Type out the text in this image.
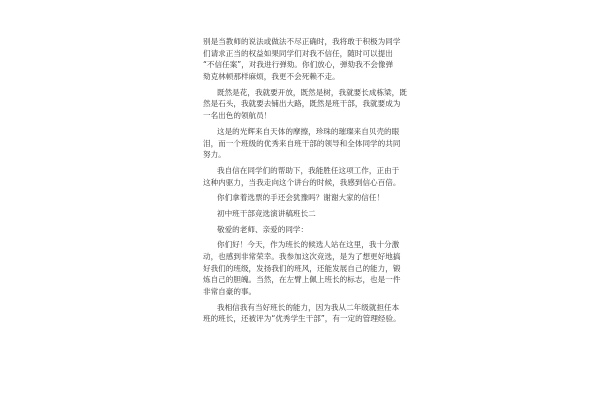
别是当教师的说法或做法不尽正确时，我将敢于积极为同学
们请求正当的权益如果同学们对我不信任，随时可以提出
“不信任案”，对我进行弹劾。你们放心，弹劾我不会像弹
劾克林顿那样麻烦，我更不会死赖不走。
既然是花，我就要开放，既然是树，我就要长成栋梁，既
然是石头，我就要去铺出大路，既然是班干部，我就要成为
一名出色的领航员！
这是的光辉来自天体的摩擦，珍珠的璀璨来自贝壳的眼
泪，而一个班级的优秀来自班干部的领导和全体同学的共同
努力。
我自信在同学们的帮助下，我能胜任这项工作，正由于
这种内驱力，当我走向这个讲台的时候，我感到信心百倍。
你们拿着选票的手还会犹豫吗？谢谢大家的信任！
初中班干部竞选演讲稿班长二
敬爱的老师、亲爱的同学：
你们好！今天，作为班长的候选人站在这里，我十分激
动，也感到非常荣幸。我参加这次竞选，是为了想更好地搞
好我们的班级，发扬我们的班风，还能发展自己的能力，锻
炼自己的胆魄。当然，在左臂上佩上班长的标志，也是一件
非常自豪的事。
我相信我有当好班长的能力，因为我从二年级就担任本
班的班长，还被评为“优秀学生干部”，有一定的管理经验。
